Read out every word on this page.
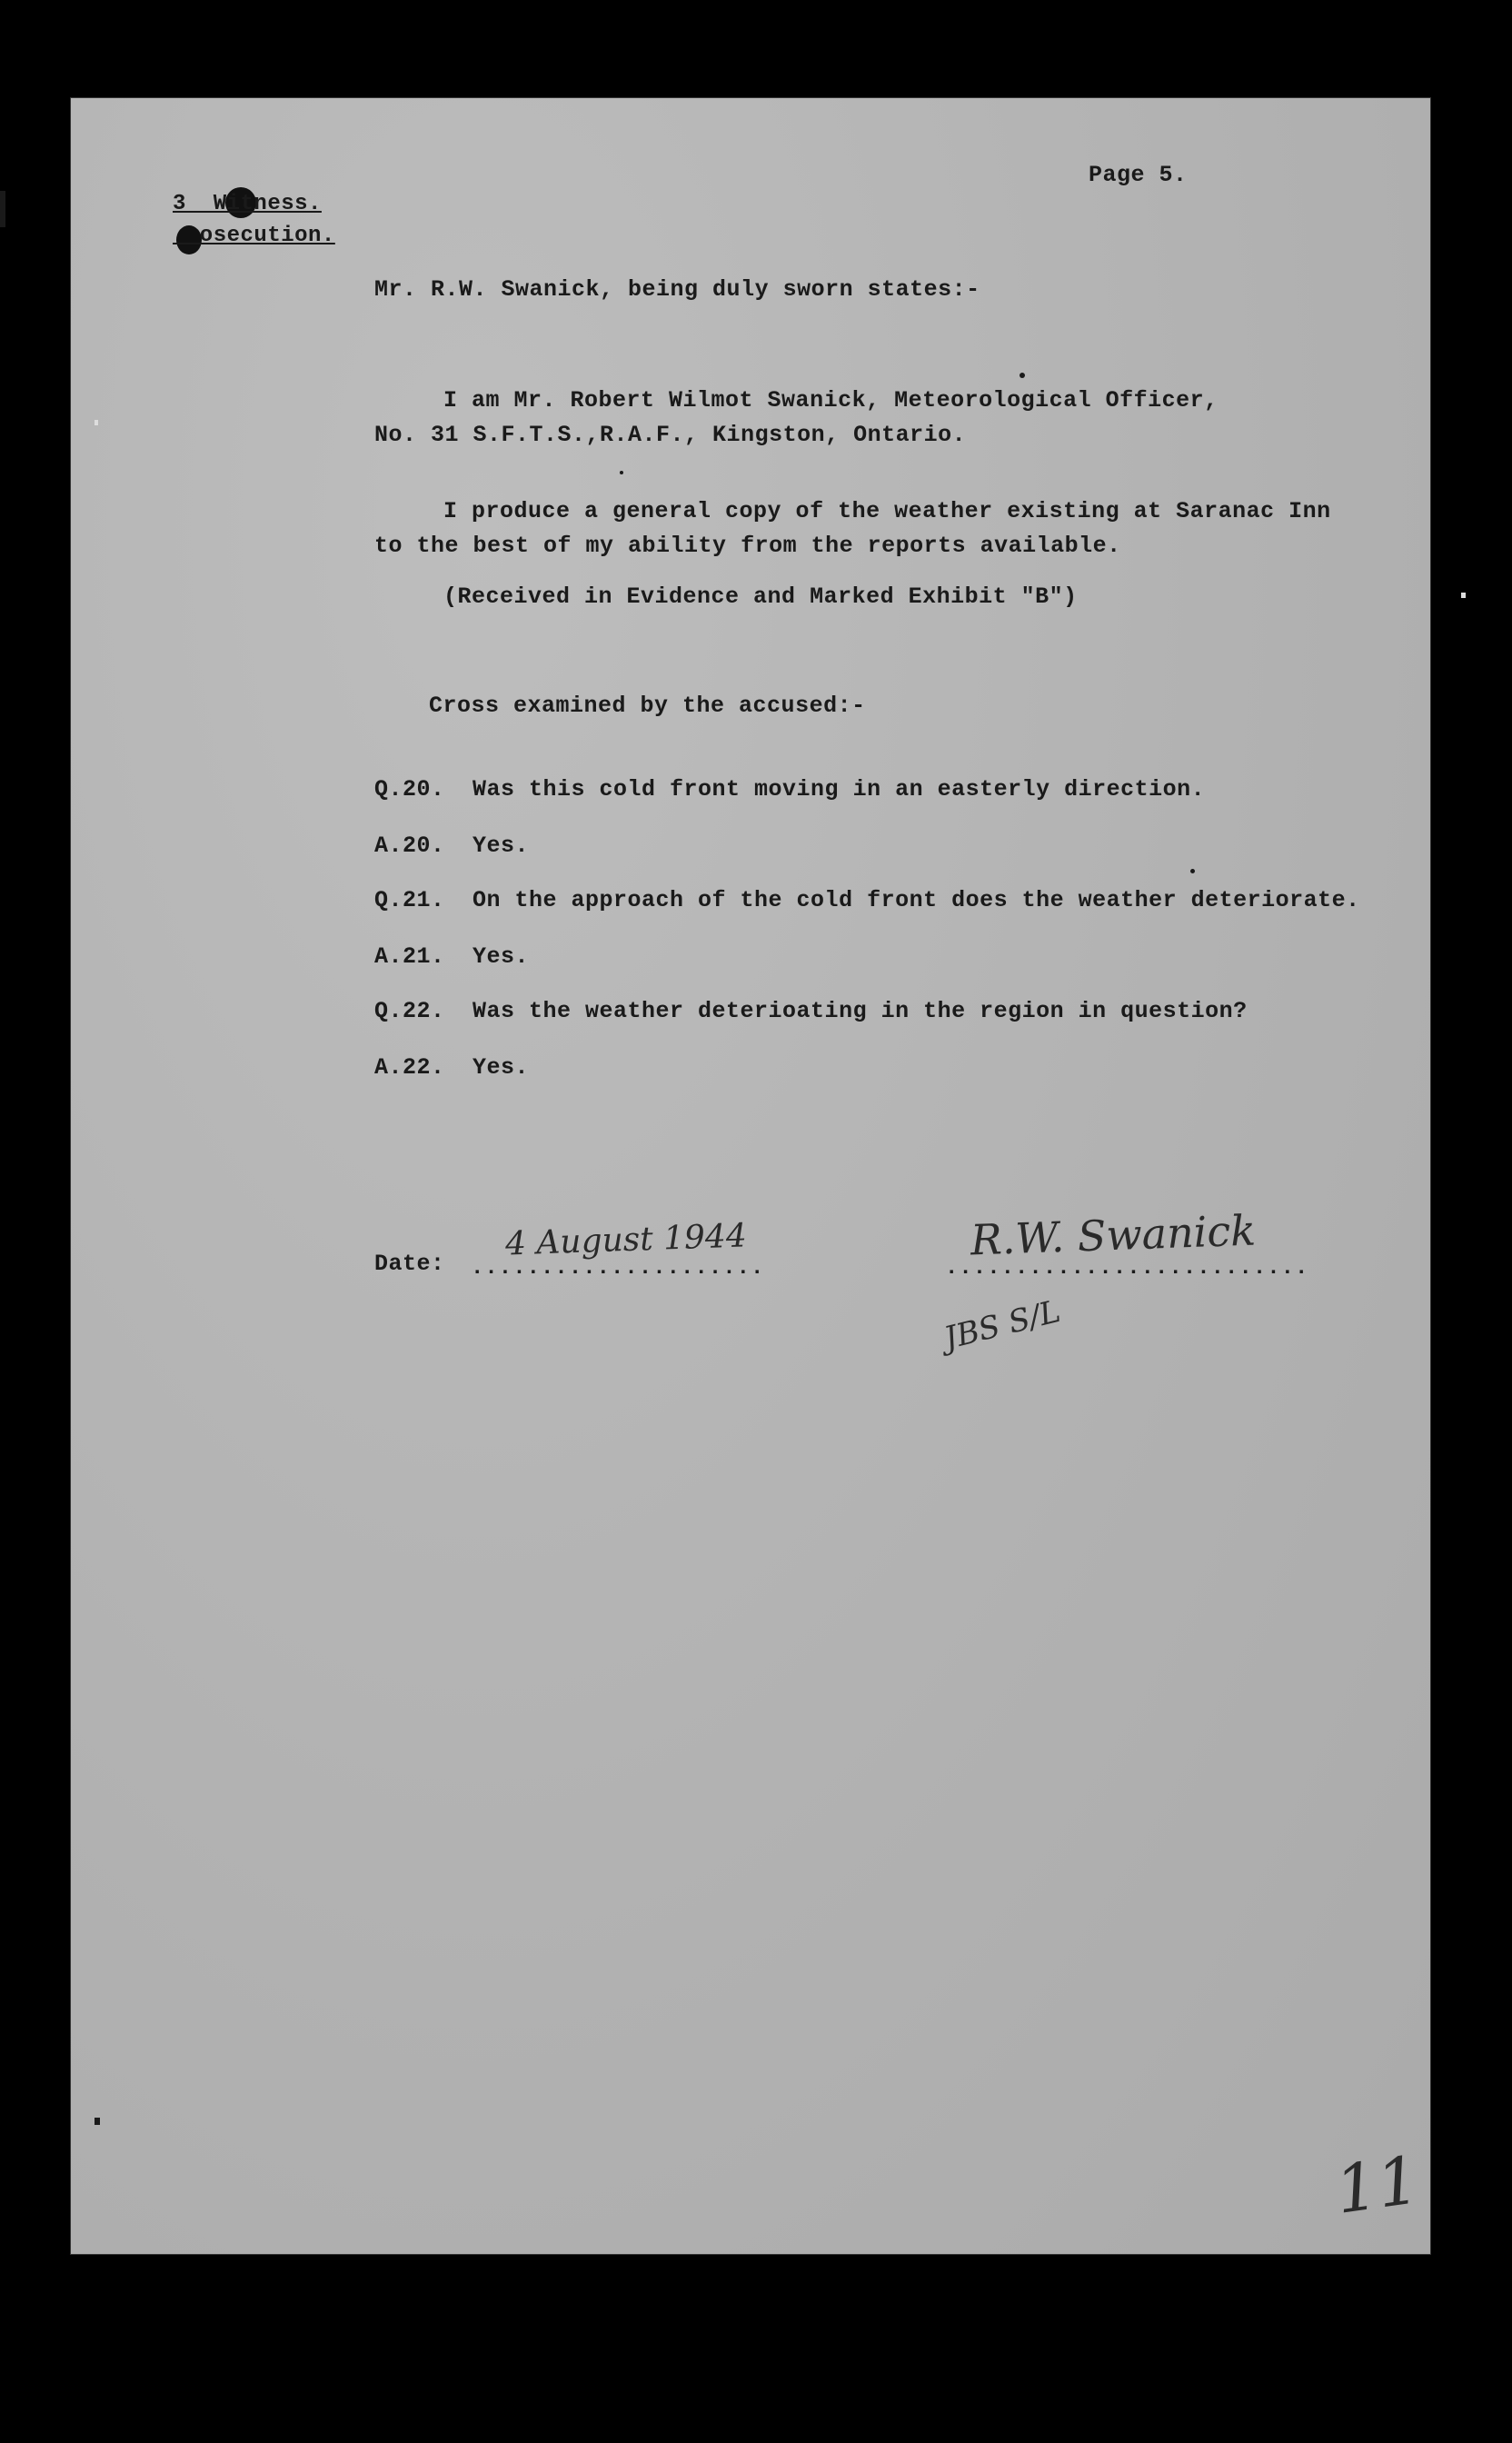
Page 5.
3  Witness.
osecution.
Mr. R.W. Swanick, being duly sworn states:-
I am Mr. Robert Wilmot Swanick, Meteorological Officer,
No. 31 S.F.T.S.,R.A.F., Kingston, Ontario.
I produce a general copy of the weather existing at Saranac Inn
to the best of my ability from the reports available.
(Received in Evidence and Marked Exhibit "B")
Cross examined by the accused:-
Q.20. Was this cold front moving in an easterly direction.
A.20. Yes.
Q.21. On the approach of the cold front does the weather deteriorate.
A.21. Yes.
Q.22. Was the weather deterioating in the region in question?
A.22. Yes.
Date: .....................
4 August 1944
..........................
R.W. Swanick
JBS S/L
11
